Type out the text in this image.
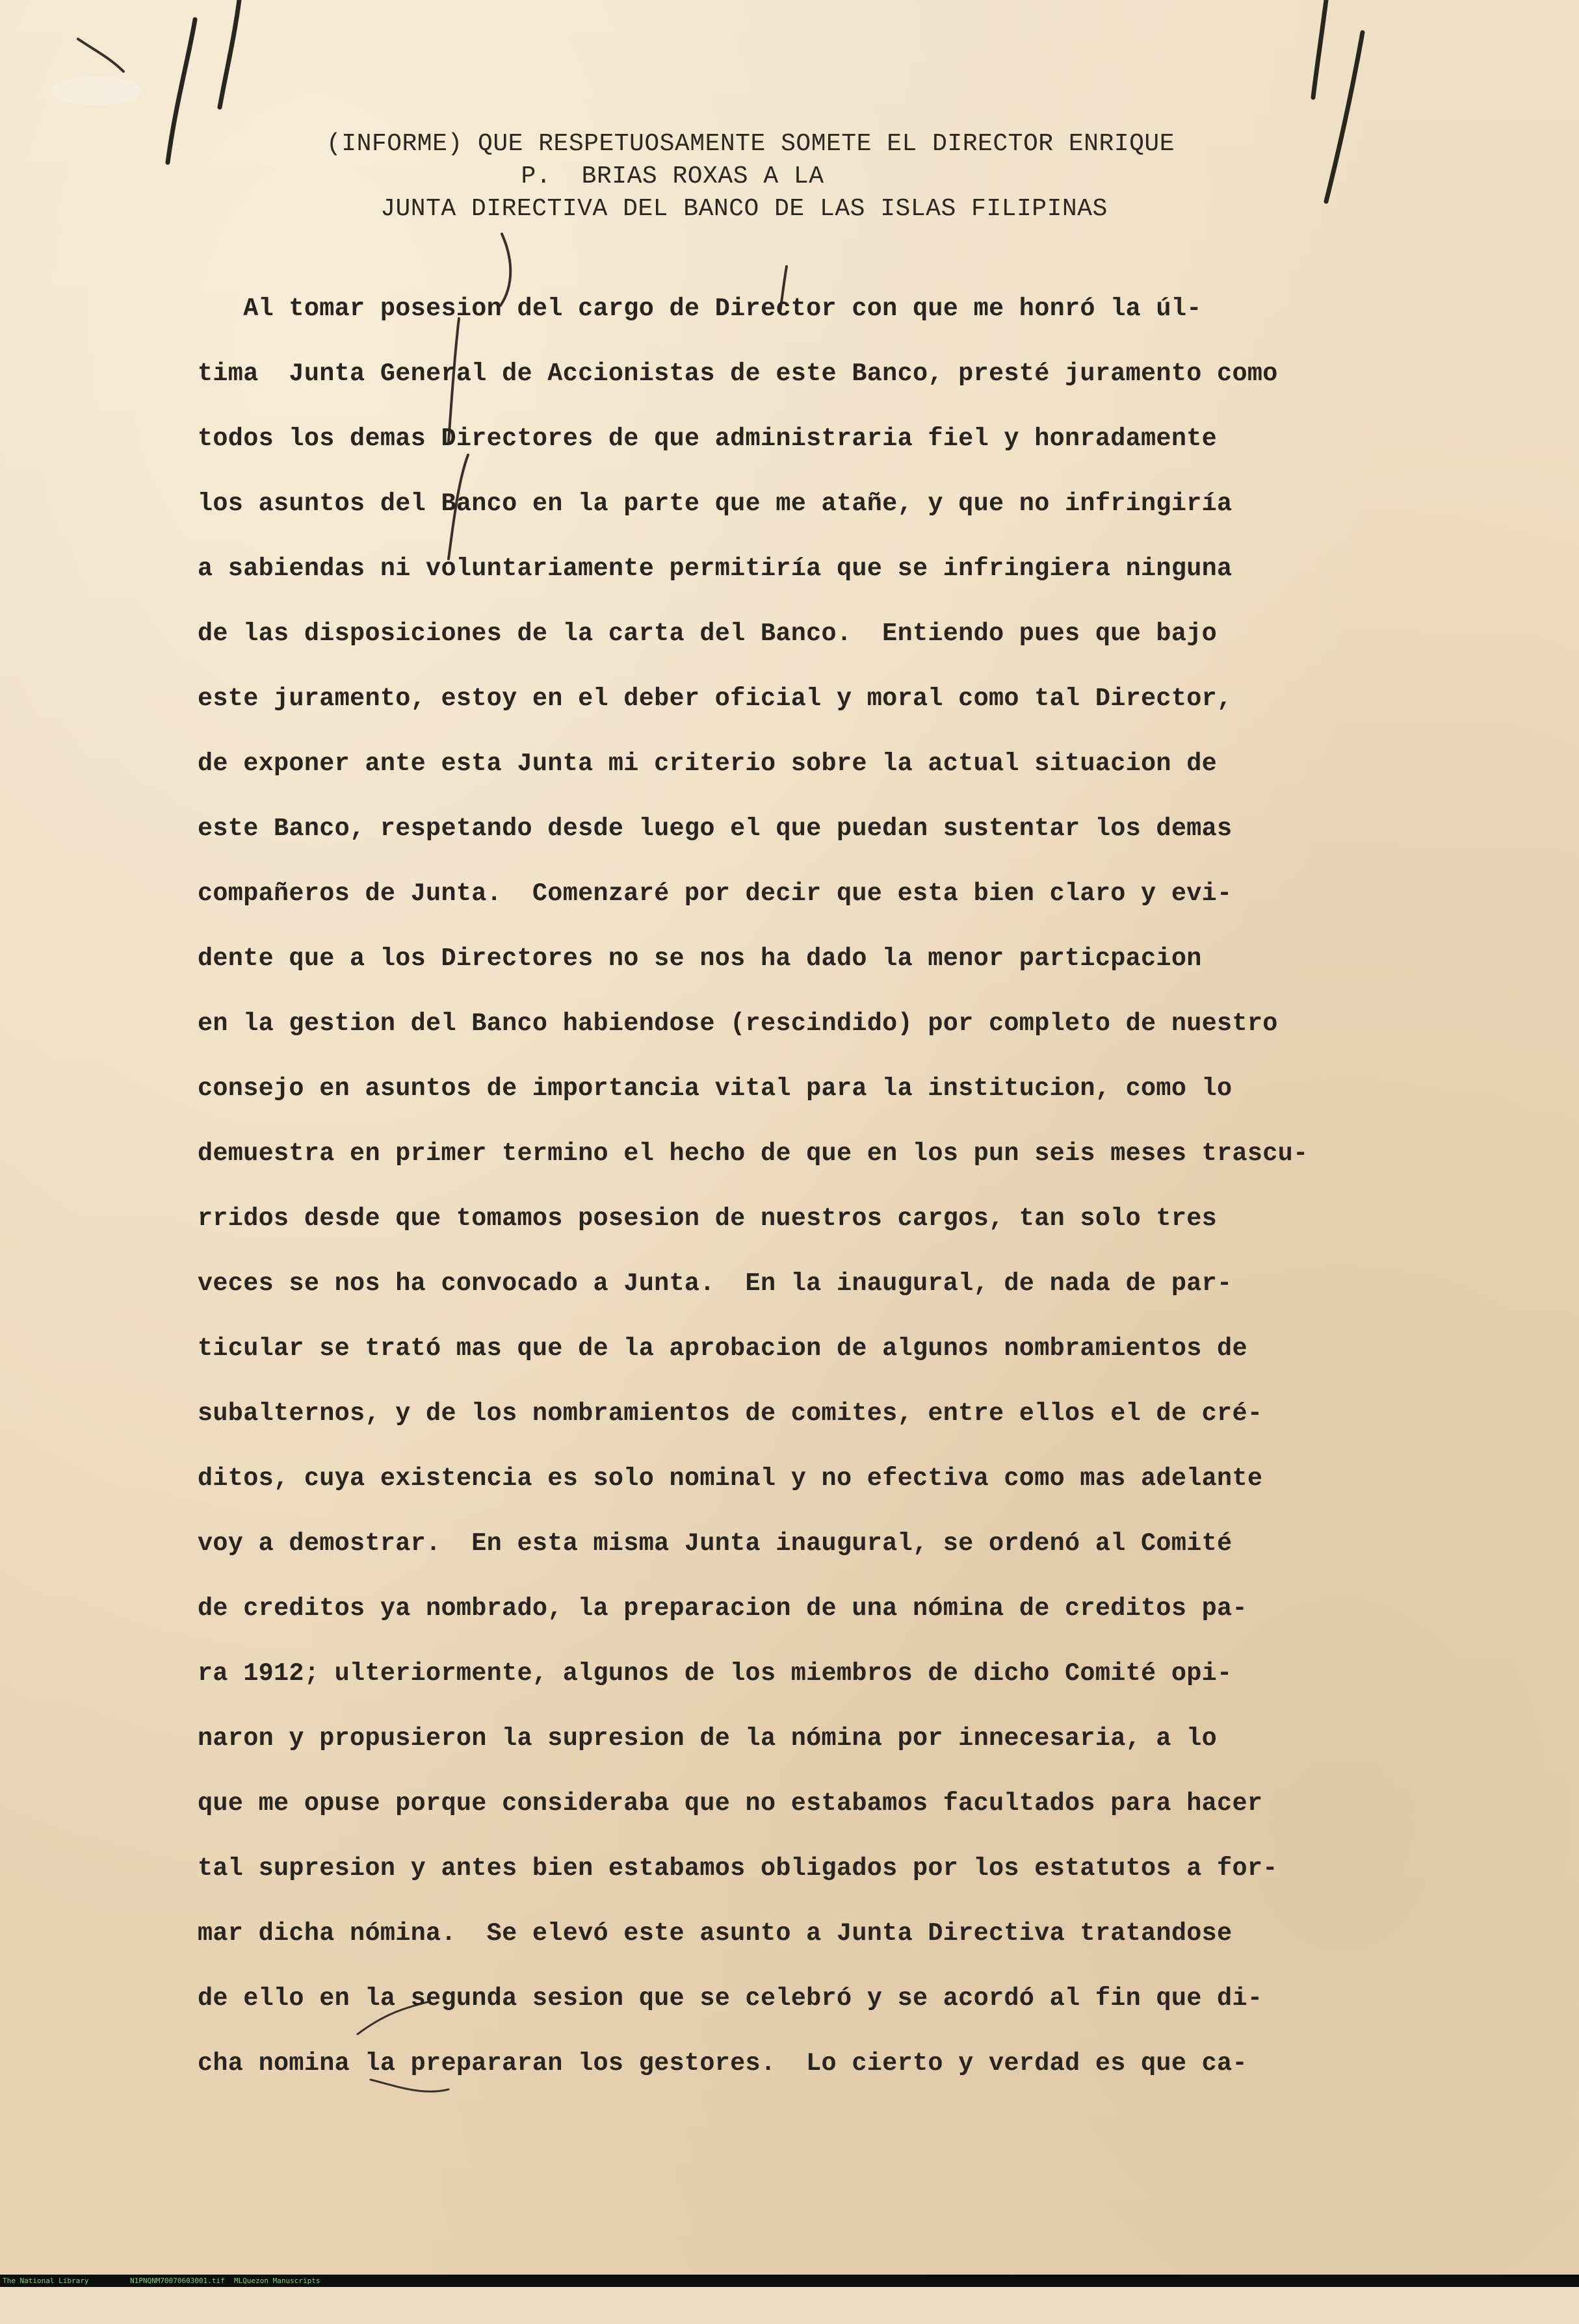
(INFORME) QUE RESPETUOSAMENTE SOMETE EL DIRECTOR ENRIQUE
P.  BRIAS ROXAS A LA
JUNTA DIRECTIVA DEL BANCO DE LAS ISLAS FILIPINAS
Al tomar posesion del cargo de Director con que me honró la úl-
tima  Junta General de Accionistas de este Banco, presté juramento como
todos los demas Directores de que administraria fiel y honradamente
los asuntos del Banco en la parte que me atañe, y que no infringiría
a sabiendas ni voluntariamente permitiría que se infringiera ninguna
de las disposiciones de la carta del Banco.  Entiendo pues que bajo
este juramento, estoy en el deber oficial y moral como tal Director,
de exponer ante esta Junta mi criterio sobre la actual situacion de
este Banco, respetando desde luego el que puedan sustentar los demas
compañeros de Junta.  Comenzaré por decir que esta bien claro y evi-
dente que a los Directores no se nos ha dado la menor particpacion
en la gestion del Banco habiendose (rescindido) por completo de nuestro
consejo en asuntos de importancia vital para la institucion, como lo
demuestra en primer termino el hecho de que en los pun seis meses trascu-
rridos desde que tomamos posesion de nuestros cargos, tan solo tres
veces se nos ha convocado a Junta.  En la inaugural, de nada de par-
ticular se trató mas que de la aprobacion de algunos nombramientos de
subalternos, y de los nombramientos de comites, entre ellos el de cré-
ditos, cuya existencia es solo nominal y no efectiva como mas adelante
voy a demostrar.  En esta misma Junta inaugural, se ordenó al Comité
de creditos ya nombrado, la preparacion de una nómina de creditos pa-
ra 1912; ulteriormente, algunos de los miembros de dicho Comité opi-
naron y propusieron la supresion de la nómina por innecesaria, a lo
que me opuse porque consideraba que no estabamos facultados para hacer
tal supresion y antes bien estabamos obligados por los estatutos a for-
mar dicha nómina.  Se elevó este asunto a Junta Directiva tratandose
de ello en la segunda sesion que se celebró y se acordó al fin que di-
cha nomina la prepararan los gestores.  Lo cierto y verdad es que ca-

The National Library

	N1PNQNM70070603001.tif

MLQuezon Manuscripts
